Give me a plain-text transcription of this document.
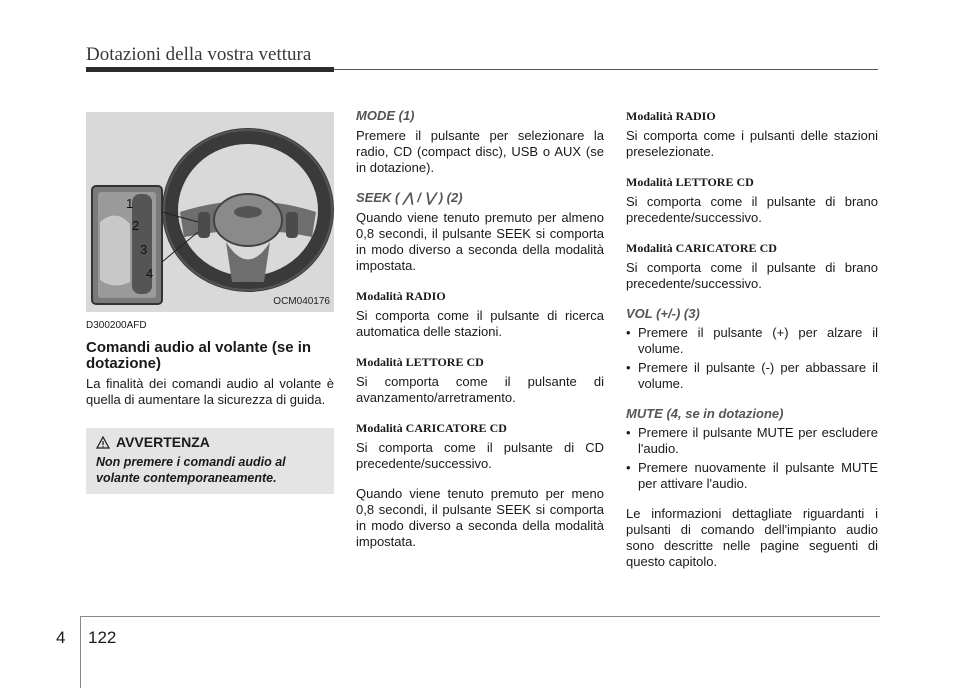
Dotazioni della vostra vettura
1
2
3
4
OCM040176
D300200AFD
Comandi audio al volante (se in dotazione)

La finalità dei comandi audio al volante è quella di aumentare la sicurezza di guida.

AVVERTENZA
Non premere i comandi audio al volante contemporaneamente.
MODE (1)

Premere il pulsante per selezionare la radio, CD (compact disc), USB o AUX (se in dotazione).

SEEK ( ⋀ / ⋁ ) (2)

Quando viene tenuto premuto per almeno 0,8 secondi, il pulsante SEEK si comporta in modo diverso a seconda della modalità impostata.

Modalità RADIO

Si comporta come il pulsante di ricerca automatica delle stazioni.

Modalità LETTORE CD

Si comporta come il pulsante di avanzamento/arretramento.

Modalità CARICATORE CD

Si comporta come il pulsante di CD precedente/successivo.

Quando viene tenuto premuto per meno 0,8 secondi, il pulsante SEEK si comporta in modo diverso a seconda della modalità impostata.

Modalità RADIO

Si comporta come i pulsanti delle stazioni preselezionate.

Modalità LETTORE CD

Si comporta come il pulsante di brano precedente/successivo.

Modalità CARICATORE CD

Si comporta come il pulsante di brano precedente/successivo.

VOL (+/-) (3)
• Premere il pulsante (+) per alzare il volume.
• Premere il pulsante (-) per abbassare il volume.
MUTE (4, se in dotazione)
• Premere il pulsante MUTE per escludere l'audio.
• Premere nuovamente il pulsante MUTE per attivare l'audio.

Le informazioni dettagliate riguardanti i pulsanti di comando dell'impianto audio sono descritte nelle pagine seguenti di questo capitolo.

4 122
